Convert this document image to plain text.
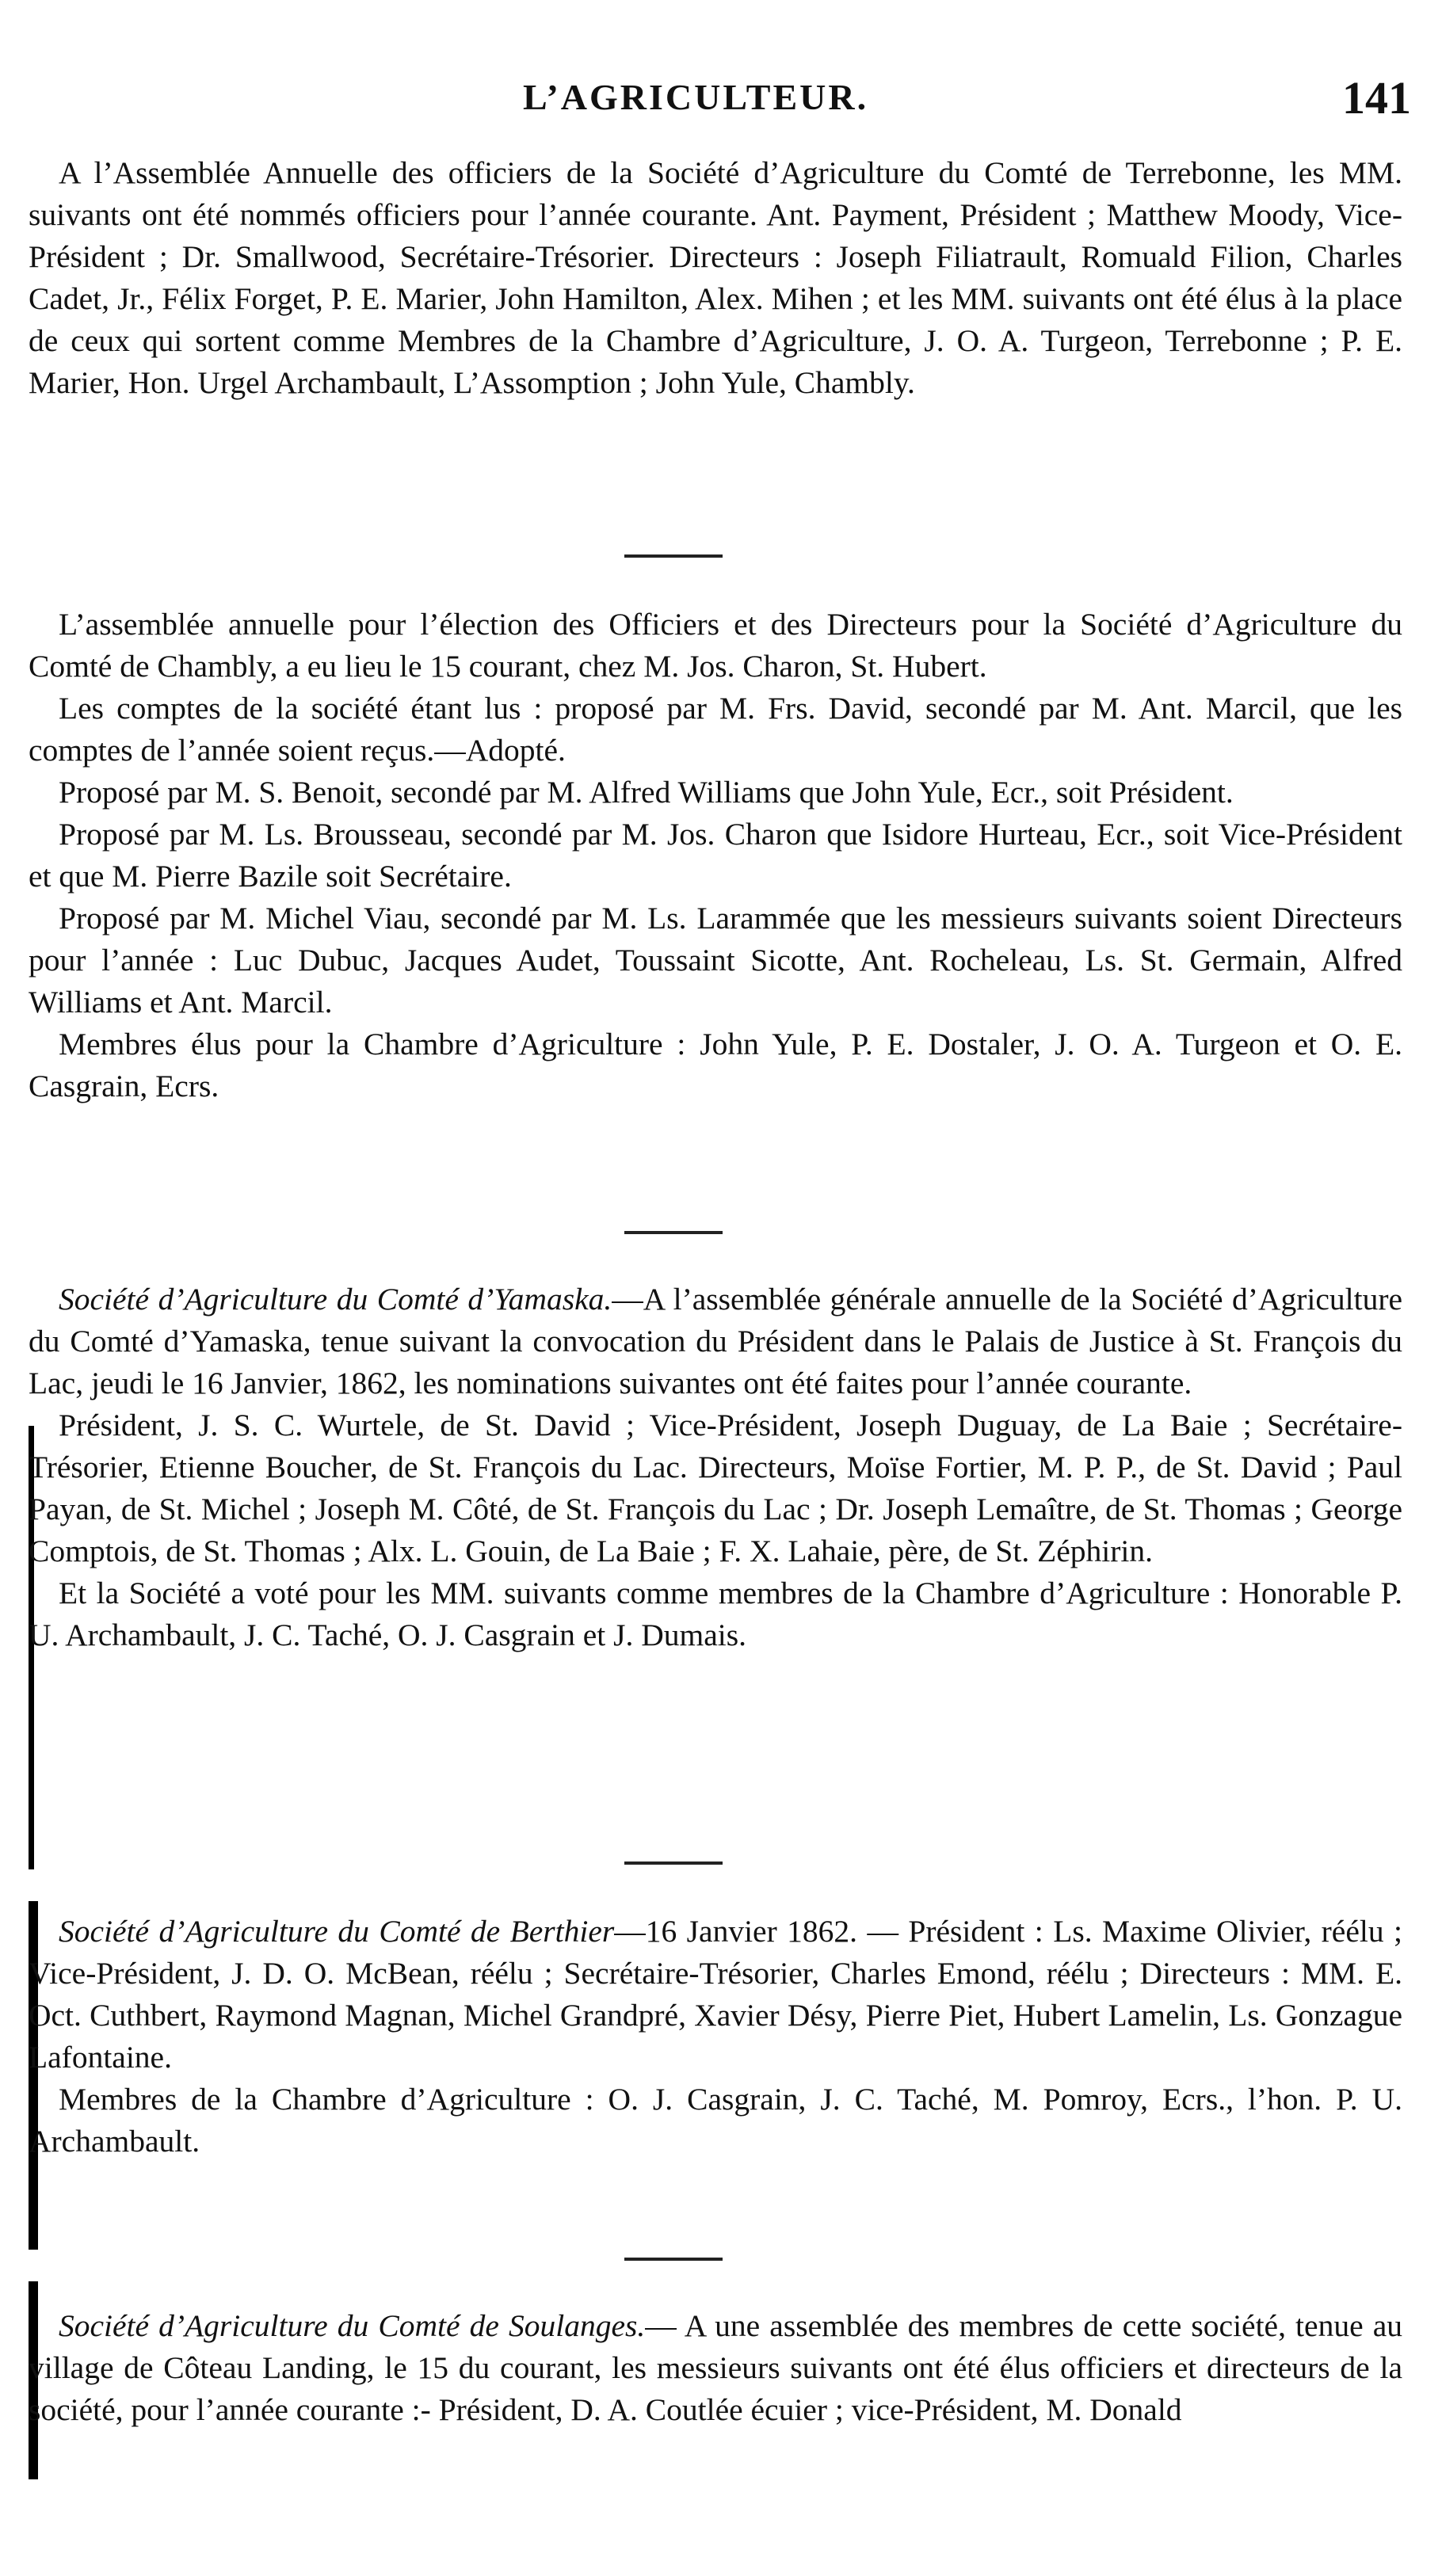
L’AGRICULTEUR.	141

A l’Assemblée Annuelle des officiers de la Société d’Agriculture du Comté de Terrebonne, les MM. suivants ont été nommés officiers pour l’année courante. Ant. Payment, Président ; Matthew Moody, Vice-Président ; Dr. Smallwood, Secrétaire-Trésorier. Directeurs : Joseph Filiatrault, Romuald Filion, Charles Cadet, Jr., Félix Forget, P. E. Marier, John Hamilton, Alex. Mihen ; et les MM. suivants ont été élus à la place de ceux qui sortent comme Membres de la Chambre d’Agriculture, J. O. A. Turgeon, Terrebonne ; P. E. Marier, Hon. Urgel Archambault, L’Assomption ; John Yule, Chambly.

L’assemblée annuelle pour l’élection des Officiers et des Directeurs pour la Société d’Agriculture du Comté de Chambly, a eu lieu le 15 courant, chez M. Jos. Charon, St. Hubert.

Les comptes de la société étant lus : proposé par M. Frs. David, secondé par M. Ant. Marcil, que les comptes de l’année soient reçus.—Adopté.

Proposé par M. S. Benoit, secondé par M. Alfred Williams que John Yule, Ecr., soit Président.

Proposé par M. Ls. Brousseau, secondé par M. Jos. Charon que Isidore Hurteau, Ecr., soit Vice-Président et que M. Pierre Bazile soit Secrétaire.

Proposé par M. Michel Viau, secondé par M. Ls. Larammée que les messieurs suivants soient Directeurs pour l’année : Luc Dubuc, Jacques Audet, Toussaint Sicotte, Ant. Rocheleau, Ls. St. Germain, Alfred Williams et Ant. Marcil.

Membres élus pour la Chambre d’Agriculture : John Yule, P. E. Dostaler, J. O. A. Turgeon et O. E. Casgrain, Ecrs.

Société d’Agriculture du Comté d’Yamaska.—A l’assemblée générale annuelle de la Société d’Agriculture du Comté d’Yamaska, tenue suivant la convocation du Président dans le Palais de Justice à St. François du Lac, jeudi le 16 Janvier, 1862, les nominations suivantes ont été faites pour l’année courante.

Président, J. S. C. Wurtele, de St. David ; Vice-Président, Joseph Duguay, de La Baie ; Secrétaire-Trésorier, Etienne Boucher, de St. François du Lac. Directeurs, Moïse Fortier, M. P. P., de St. David ; Paul Payan, de St. Michel ; Joseph M. Côté, de St. François du Lac ; Dr. Joseph Lemaître, de St. Thomas ; George Comptois, de St. Thomas ; Alx. L. Gouin, de La Baie ; F. X. Lahaie, père, de St. Zéphirin.

Et la Société a voté pour les MM. suivants comme membres de la Chambre d’Agriculture : Honorable P. U. Archambault, J. C. Taché, O. J. Casgrain et J. Dumais.

Société d’Agriculture du Comté de Berthier—16 Janvier 1862. — Président : Ls. Maxime Olivier, réélu ; Vice-Président, J. D. O. McBean, réélu ; Secrétaire-Trésorier, Charles Emond, réélu ; Directeurs : MM. E. Oct. Cuthbert, Raymond Magnan, Michel Grandpré, Xavier Désy, Pierre Piet, Hubert Lamelin, Ls. Gonzague Lafontaine.

Membres de la Chambre d’Agriculture : O. J. Casgrain, J. C. Taché, M. Pomroy, Ecrs., l’hon. P. U. Archambault.

Société d’Agriculture du Comté de Soulanges.— A une assemblée des membres de cette société, tenue au village de Côteau Landing, le 15 du courant, les messieurs suivants ont été élus officiers et directeurs de la société, pour l’année courante :- Président, D. A. Coutlée écuier ; vice-Président, M. Donald
